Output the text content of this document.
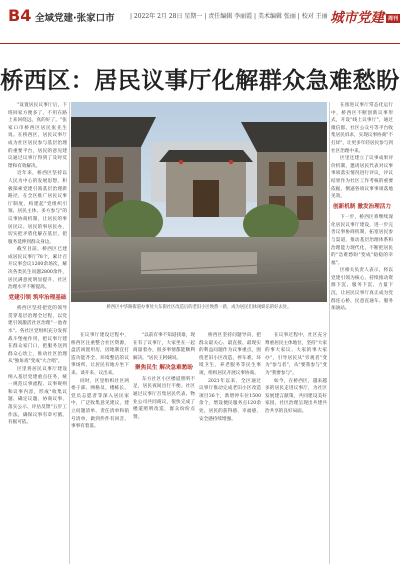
B4 全域党建·张家口市	| 2022年 2月 28日 星期一 | 责任编辑 李丽霞 | 美术编辑 张丽 | 校对 王丽 城市党建 周刊
桥西区：居民议事厅化解群众急难愁盼

"设置居民议事厅后，下班回家方便多了，不用在路上来回绕远，真的好了。"张家口市桥西区居民张先生说。在桥西区，居民议事厅成为社区居民参与基层治理的重要平台，居民的意见建议通过议事厅得到了及时反馈和有效解决。

近年来，桥西区坚持以人民为中心的发展思想，积极探索党建引领基层治理新路径，在全区推广居民议事厅制度，构建起"党组织引领、居民主体、多方参与"的议事协商机制，让居民的事居民议、居民的事居民办，切实把矛盾化解在基层，把服务延伸到群众身边。

截至目前，桥西区已建成居民议事厅78个，累计召开议事会议1200余场次，解决各类民生问题2800余件，居民满意度明显提升，社区治理水平不断提高。

党建引领 筑牢治理基础

桥西区坚持把党的领导贯穿基层治理全过程，以党建引领激活社区治理"一池春水"。各社区党组织充分发挥战斗堡垒作用，把议事厅建在群众家门口，把服务送到群众心坎上，推动社区治理从"独角戏"变成"大合唱"。

区里将居民议事厅建设纳入基层党建重点任务，统一规范议事流程、议事规则和议事内容，形成"收集议题、确定议题、协商议事、落实公示、评估反馈"五步工作法，确保议事有章可循、有据可依。

桥西区中华路街道办事处大东街社区改造后的老旧小区焕然一新，成为居民们休闲娱乐的好去处。

在议事厅建设过程中，桥西区注重整合社区资源，盘活闲置用房，因地制宜打造功能齐全、环境整洁的议事场所，让居民有地方坐下来、谈开来、议出来。

同时，区里组织社区两委干部、网格员、楼栋长、党员志愿者等深入居民家中，广泛收集意见建议，建立问题清单、责任清单和销号清单，做到件件有回音、事事有着落。

"以前有事不知道找谁，现在有了议事厅，大家坐在一起商量着办，很多事情都能顺利解决。"居民王阿姨说。

聚焦民生 解决急难愁盼

东方社区小区楼道照明不足，居民夜间出行不便。社区通过议事厅召集居民代表、物业公司共同商议，很快完成了楼道照明改造，群众纷纷点赞。

桥西区坚持问题导向，把群众最关心、最直接、最现实的利益问题作为议事重点，围绕老旧小区改造、停车难、环境卫生、养老服务等民生事项，组织居民开展议事协商。

2021年以来，全区通过议事厅推动完成老旧小区改造项目36个，新增停车位1500余个，增设便民服务点120余处，居民的获得感、幸福感、安全感持续增强。

在议事过程中，社区充分尊重居民主体地位，坚持"大家的事大家议、大家的事大家办"，引导居民从"旁观者"变为"参与者"，从"要我参与"变为"我要参与"。

如今，在桥西区，越来越多的居民走进议事厅，为社区发展建言献策，共同建设美好家园，社区治理呈现出共建共治共享的良好局面。

在推进议事厅常态化运行中，桥西区不断创新议事形式，开设"线上议事厅"，通过微信群、社区公众号等平台收集居民诉求，实现议事协商"不打烊"，让更多年轻居民参与到社区治理中来。

区里还建立了议事成果评价机制，邀请居民代表对议事事项落实情况进行评议，评议结果作为社区工作考核的重要依据，倒逼各项议事事项落地见效。

创新机制 激发治理活力

下一步，桥西区将继续深化居民议事厅建设，进一步完善议事协商机制，拓宽居民参与渠道，推动基层治理体系和治理能力现代化，不断把居民的"急难愁盼"变成"稳稳的幸福"。

区相关负责人表示，将以党建引领为核心，持续推动资源下沉、服务下沉、力量下沉，让居民议事厅真正成为党群连心桥、民意直通车、服务加油站。
